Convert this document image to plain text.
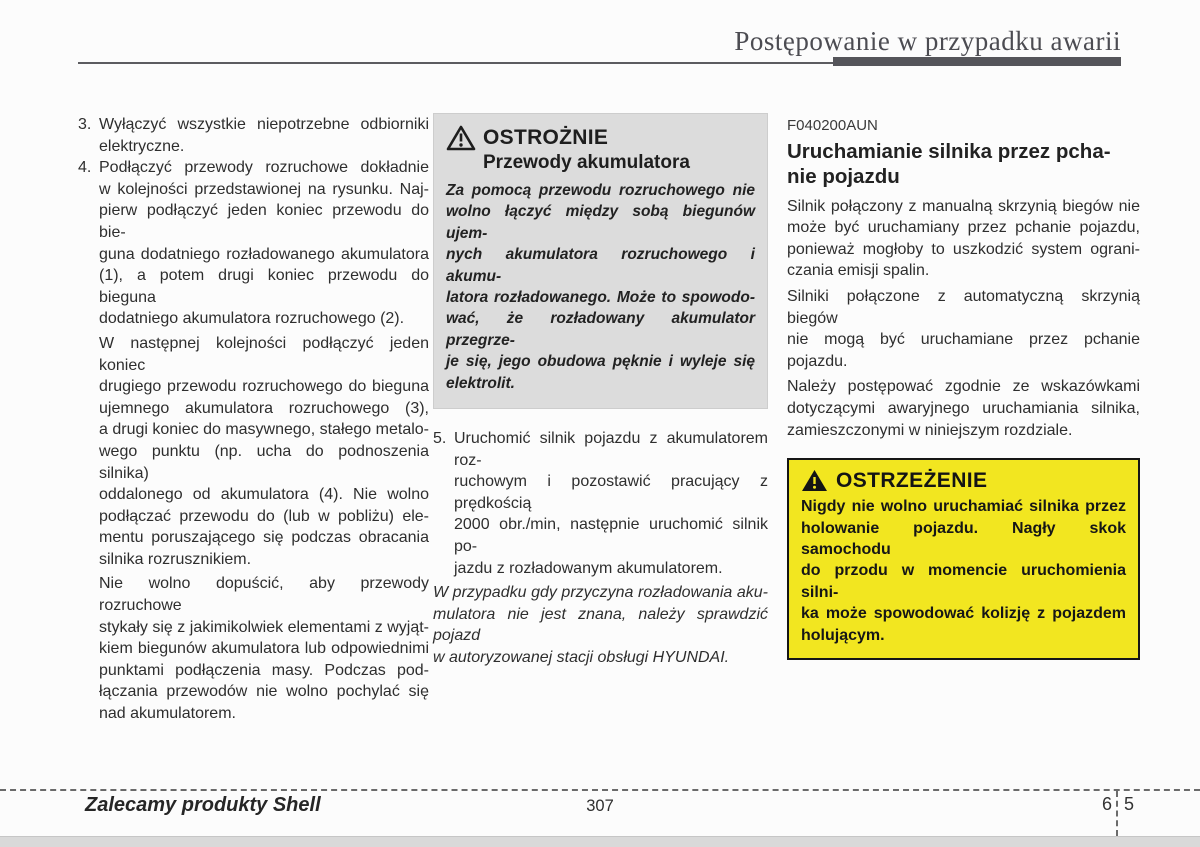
Postępowanie w przypadku awarii
3. Wyłączyć wszystkie niepotrzebne odbiorniki
elektryczne.
4. Podłączyć przewody rozruchowe dokładnie
w kolejności przedstawionej na rysunku. Naj-
pierw podłączyć jeden koniec przewodu do bie-
guna dodatniego rozładowanego akumulatora
(1), a potem drugi koniec przewodu do bieguna
dodatniego akumulatora rozruchowego (2).
W następnej kolejności podłączyć jeden koniec
drugiego przewodu rozruchowego do bieguna
ujemnego akumulatora rozruchowego (3),
a drugi koniec do masywnego, stałego metalo-
wego punktu (np. ucha do podnoszenia silnika)
oddalonego od akumulatora (4). Nie wolno
podłączać przewodu do (lub w pobliżu) ele-
mentu poruszającego się podczas obracania
silnika rozrusznikiem.
Nie wolno dopuścić, aby przewody rozruchowe
stykały się z jakimikolwiek elementami z wyjąt-
kiem biegunów akumulatora lub odpowiednimi
punktami podłączenia masy. Podczas pod-
łączania przewodów nie wolno pochylać się
nad akumulatorem.
OSTROŻNIE
Przewody akumulatora
Za pomocą przewodu rozruchowego nie
wolno łączyć między sobą biegunów ujem-
nych akumulatora rozruchowego i akumu-
latora rozładowanego. Może to spowodo-
wać, że rozładowany akumulator przegrze-
je się, jego obudowa pęknie i wyleje się
elektrolit.
5. Uruchomić silnik pojazdu z akumulatorem roz-
ruchowym i pozostawić pracujący z prędkością
2000 obr./min, następnie uruchomić silnik po-
jazdu z rozładowanym akumulatorem.
W przypadku gdy przyczyna rozładowania aku-
mulatora nie jest znana, należy sprawdzić pojazd
w autoryzowanej stacji obsługi HYUNDAI.
F040200AUN
Uruchamianie silnika przez pcha-
nie pojazdu
Silnik połączony z manualną skrzynią biegów nie
może być uruchamiany przez pchanie pojazdu,
ponieważ mogłoby to uszkodzić system ograni-
czania emisji spalin.
Silniki połączone z automatyczną skrzynią biegów
nie mogą być uruchamiane przez pchanie pojazdu.
Należy postępować zgodnie ze wskazówkami
dotyczącymi awaryjnego uruchamiania silnika,
zamieszczonymi w niniejszym rozdziale.
OSTRZEŻENIE
Nigdy nie wolno uruchamiać silnika przez
holowanie pojazdu. Nagły skok samochodu
do przodu w momencie uruchomienia silni-
ka może spowodować kolizję z pojazdem
holującym.
Zalecamy produkty Shell	307	6 5
